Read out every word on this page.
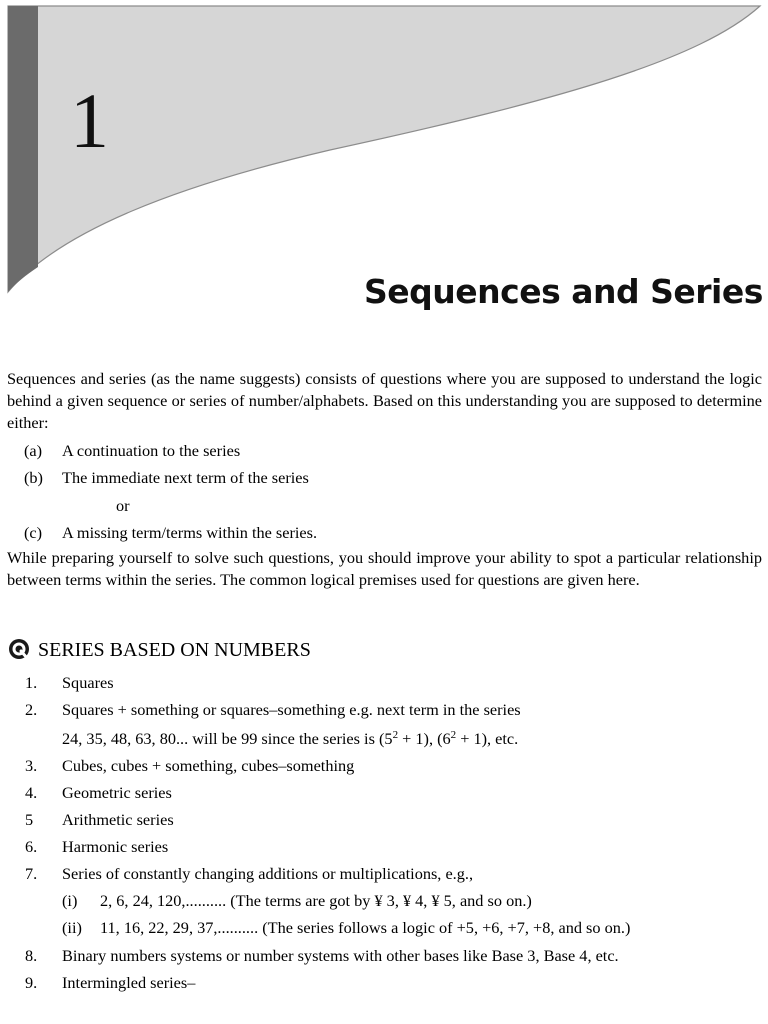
1
Sequences and Series

Sequences and series (as the name suggests) consists of questions where you are supposed to understand the logic behind a given sequence or series of number/alphabets. Based on this understanding you are supposed to determine either:

(a) A continuation to the series
(b) The immediate next term of the series
or
(c) A missing term/terms within the series.

While preparing yourself to solve such questions, you should improve your ability to spot a particular relationship between terms within the series. The common logical premises used for questions are given here.

SERIES BASED ON NUMBERS
1. Squares
2. Squares + something or squares–something e.g. next term in the series
24, 35, 48, 63, 80... will be 99 since the series is $(5^2 + 1)$, $(6^2 + 1)$, etc.
3. Cubes, cubes + something, cubes–something
4. Geometric series
5 Arithmetic series
6. Harmonic series
7. Series of constantly changing additions or multiplications, e.g.,
(i) 2, 6, 24, 120,.......... (The terms are got by ¥ 3, ¥ 4, ¥ 5, and so on.)
(ii) 11, 16, 22, 29, 37,.......... (The series follows a logic of +5, +6, +7, +8, and so on.)
8. Binary numbers systems or number systems with other bases like Base 3, Base 4, etc.
9. Intermingled series–
